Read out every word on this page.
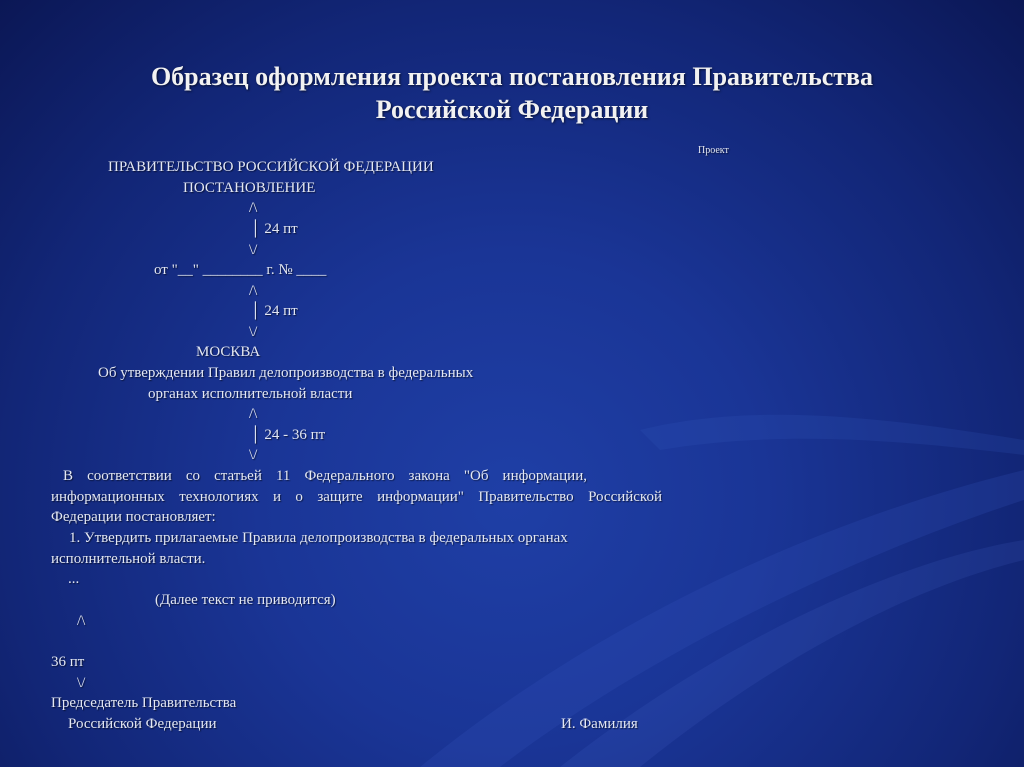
Образец оформления проекта постановления Правительства
Российской Федерации
Проект
ПРАВИТЕЛЬСТВО РОССИЙСКОЙ ФЕДЕРАЦИИ
ПОСТАНОВЛЕНИЕ
/\
│ 24 пт
\/
от "__" ________ г. № ____
/\
│ 24 пт
\/
МОСКВА
Об утверждении Правил делопроизводства в федеральных
органах исполнительной власти
/\
│ 24 - 36 пт
\/
В соответствии со статьей 11 Федерального закона "Об информации,
информационных технологиях и о защите информации" Правительство Российской
Федерации постановляет:
1. Утвердить прилагаемые Правила делопроизводства в федеральных органах
исполнительной власти.
...
(Далее текст не приводится)
/\
36 пт
\/
Председатель Правительства
Российской Федерации	И. Фамилия
